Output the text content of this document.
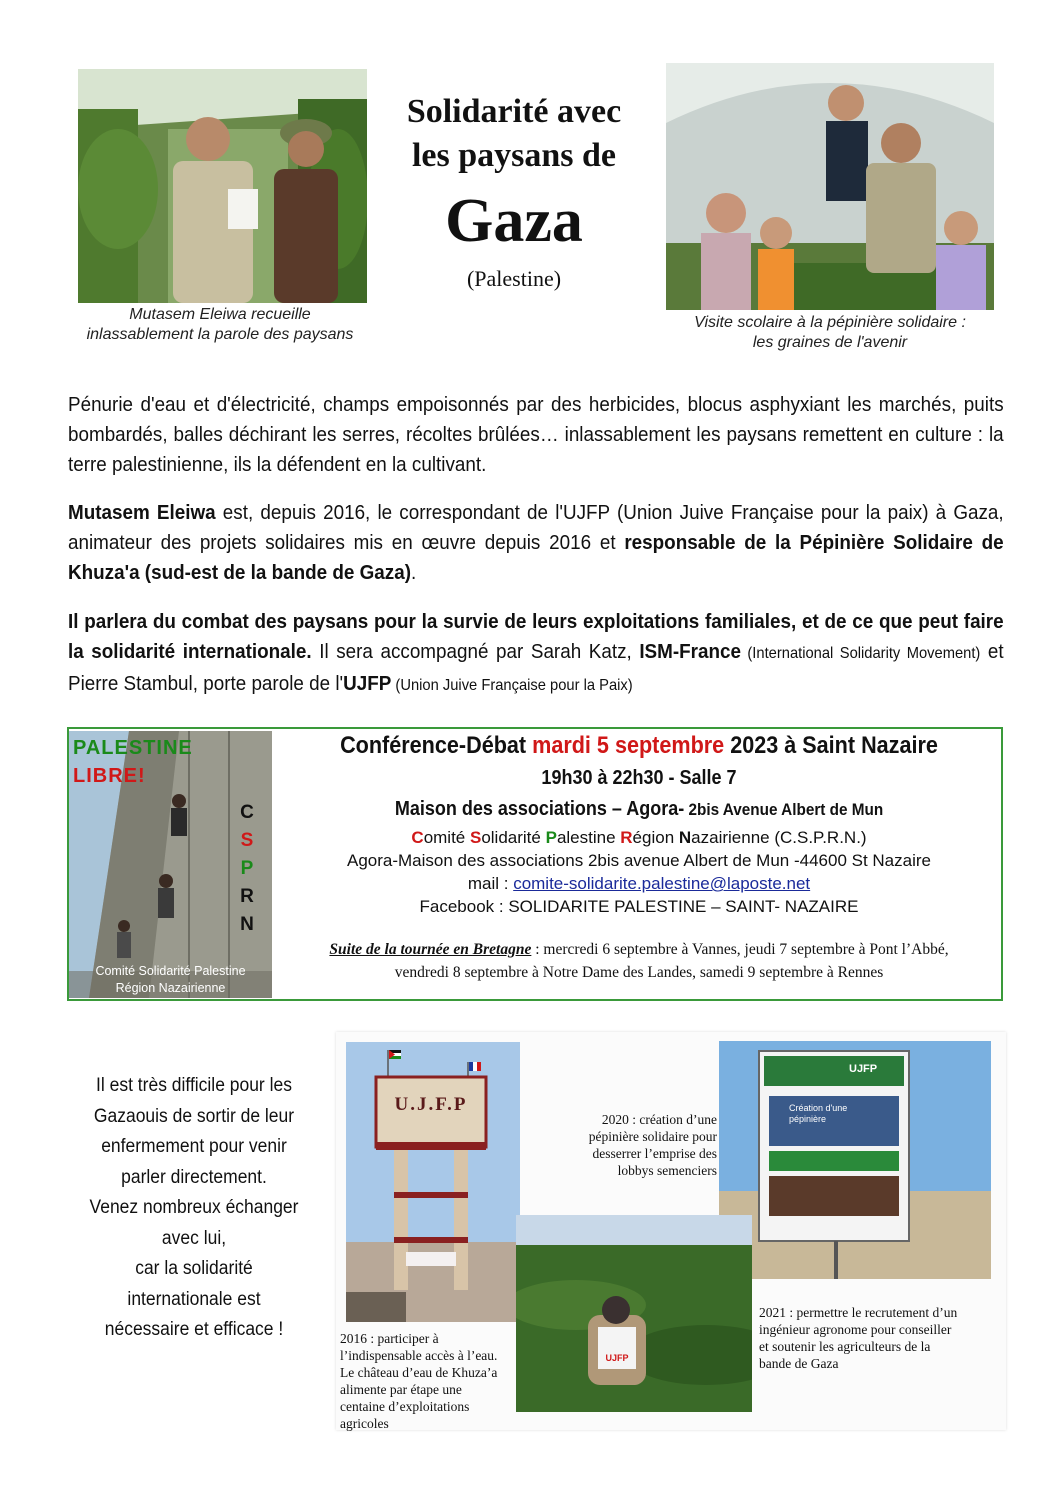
Mutasem Eleiwa recueille
inlassablement la parole des paysans
Solidarité avec
les paysans de
Gaza
(Palestine)
Visite scolaire à la pépinière solidaire :
les graines de l'avenir
Pénurie d'eau et d'électricité, champs empoisonnés par des herbicides, blocus asphyxiant les marchés, puits bombardés, balles déchirant les serres, récoltes brûlées… inlassablement les paysans remettent en culture : la terre palestinienne, ils la défendent en la cultivant.
Mutasem Eleiwa est, depuis 2016, le correspondant de l'UJFP (Union Juive Française pour la paix) à Gaza, animateur des projets solidaires mis en œuvre depuis 2016 et responsable de la Pépinière Solidaire de Khuza'a (sud-est de la bande de Gaza).
Il parlera du combat des paysans pour la survie de leurs exploitations familiales, et de ce que peut faire la solidarité internationale. Il sera accompagné par Sarah Katz, ISM-France (International Solidarity Movement) et Pierre Stambul, porte parole de l'UJFP (Union Juive Française pour la Paix)
PALESTINE
LIBRE!
C
S
P
R
N
Comité Solidarité Palestine
Région Nazairienne
Conférence-Débat mardi 5 septembre 2023 à Saint Nazaire
19h30 à 22h30 - Salle 7
Maison des associations – Agora- 2bis Avenue Albert de Mun
Comité Solidarité Palestine Région Nazairienne (C.S.P.R.N.)
Agora-Maison des associations 2bis avenue Albert de Mun -44600 St Nazaire
mail : comite-solidarite.palestine@laposte.net
Facebook : SOLIDARITE PALESTINE – SAINT- NAZAIRE
Suite de la tournée en Bretagne : mercredi 6 septembre à Vannes, jeudi 7 septembre à Pont l’Abbé,
vendredi 8 septembre à Notre Dame des Landes, samedi 9 septembre à Rennes
Il est très difficile pour les
Gazaouis de sortir de leur
enfermement pour venir
parler directement.
Venez nombreux échanger
avec lui,
car la solidarité
internationale est
nécessaire et efficace !
U.J.F.P
UJFP
Création d'une pépinière
UJFP
2020 : création d’une
pépinière solidaire pour
desserrer l’emprise des
lobbys semenciers
2016 : participer à
l’indispensable accès à l’eau.
Le château d’eau de Khuza’a
alimente par étape une
centaine d’exploitations
agricoles
2021 : permettre le recrutement d’un
ingénieur agronome pour conseiller
et soutenir les agriculteurs de la
bande de Gaza
